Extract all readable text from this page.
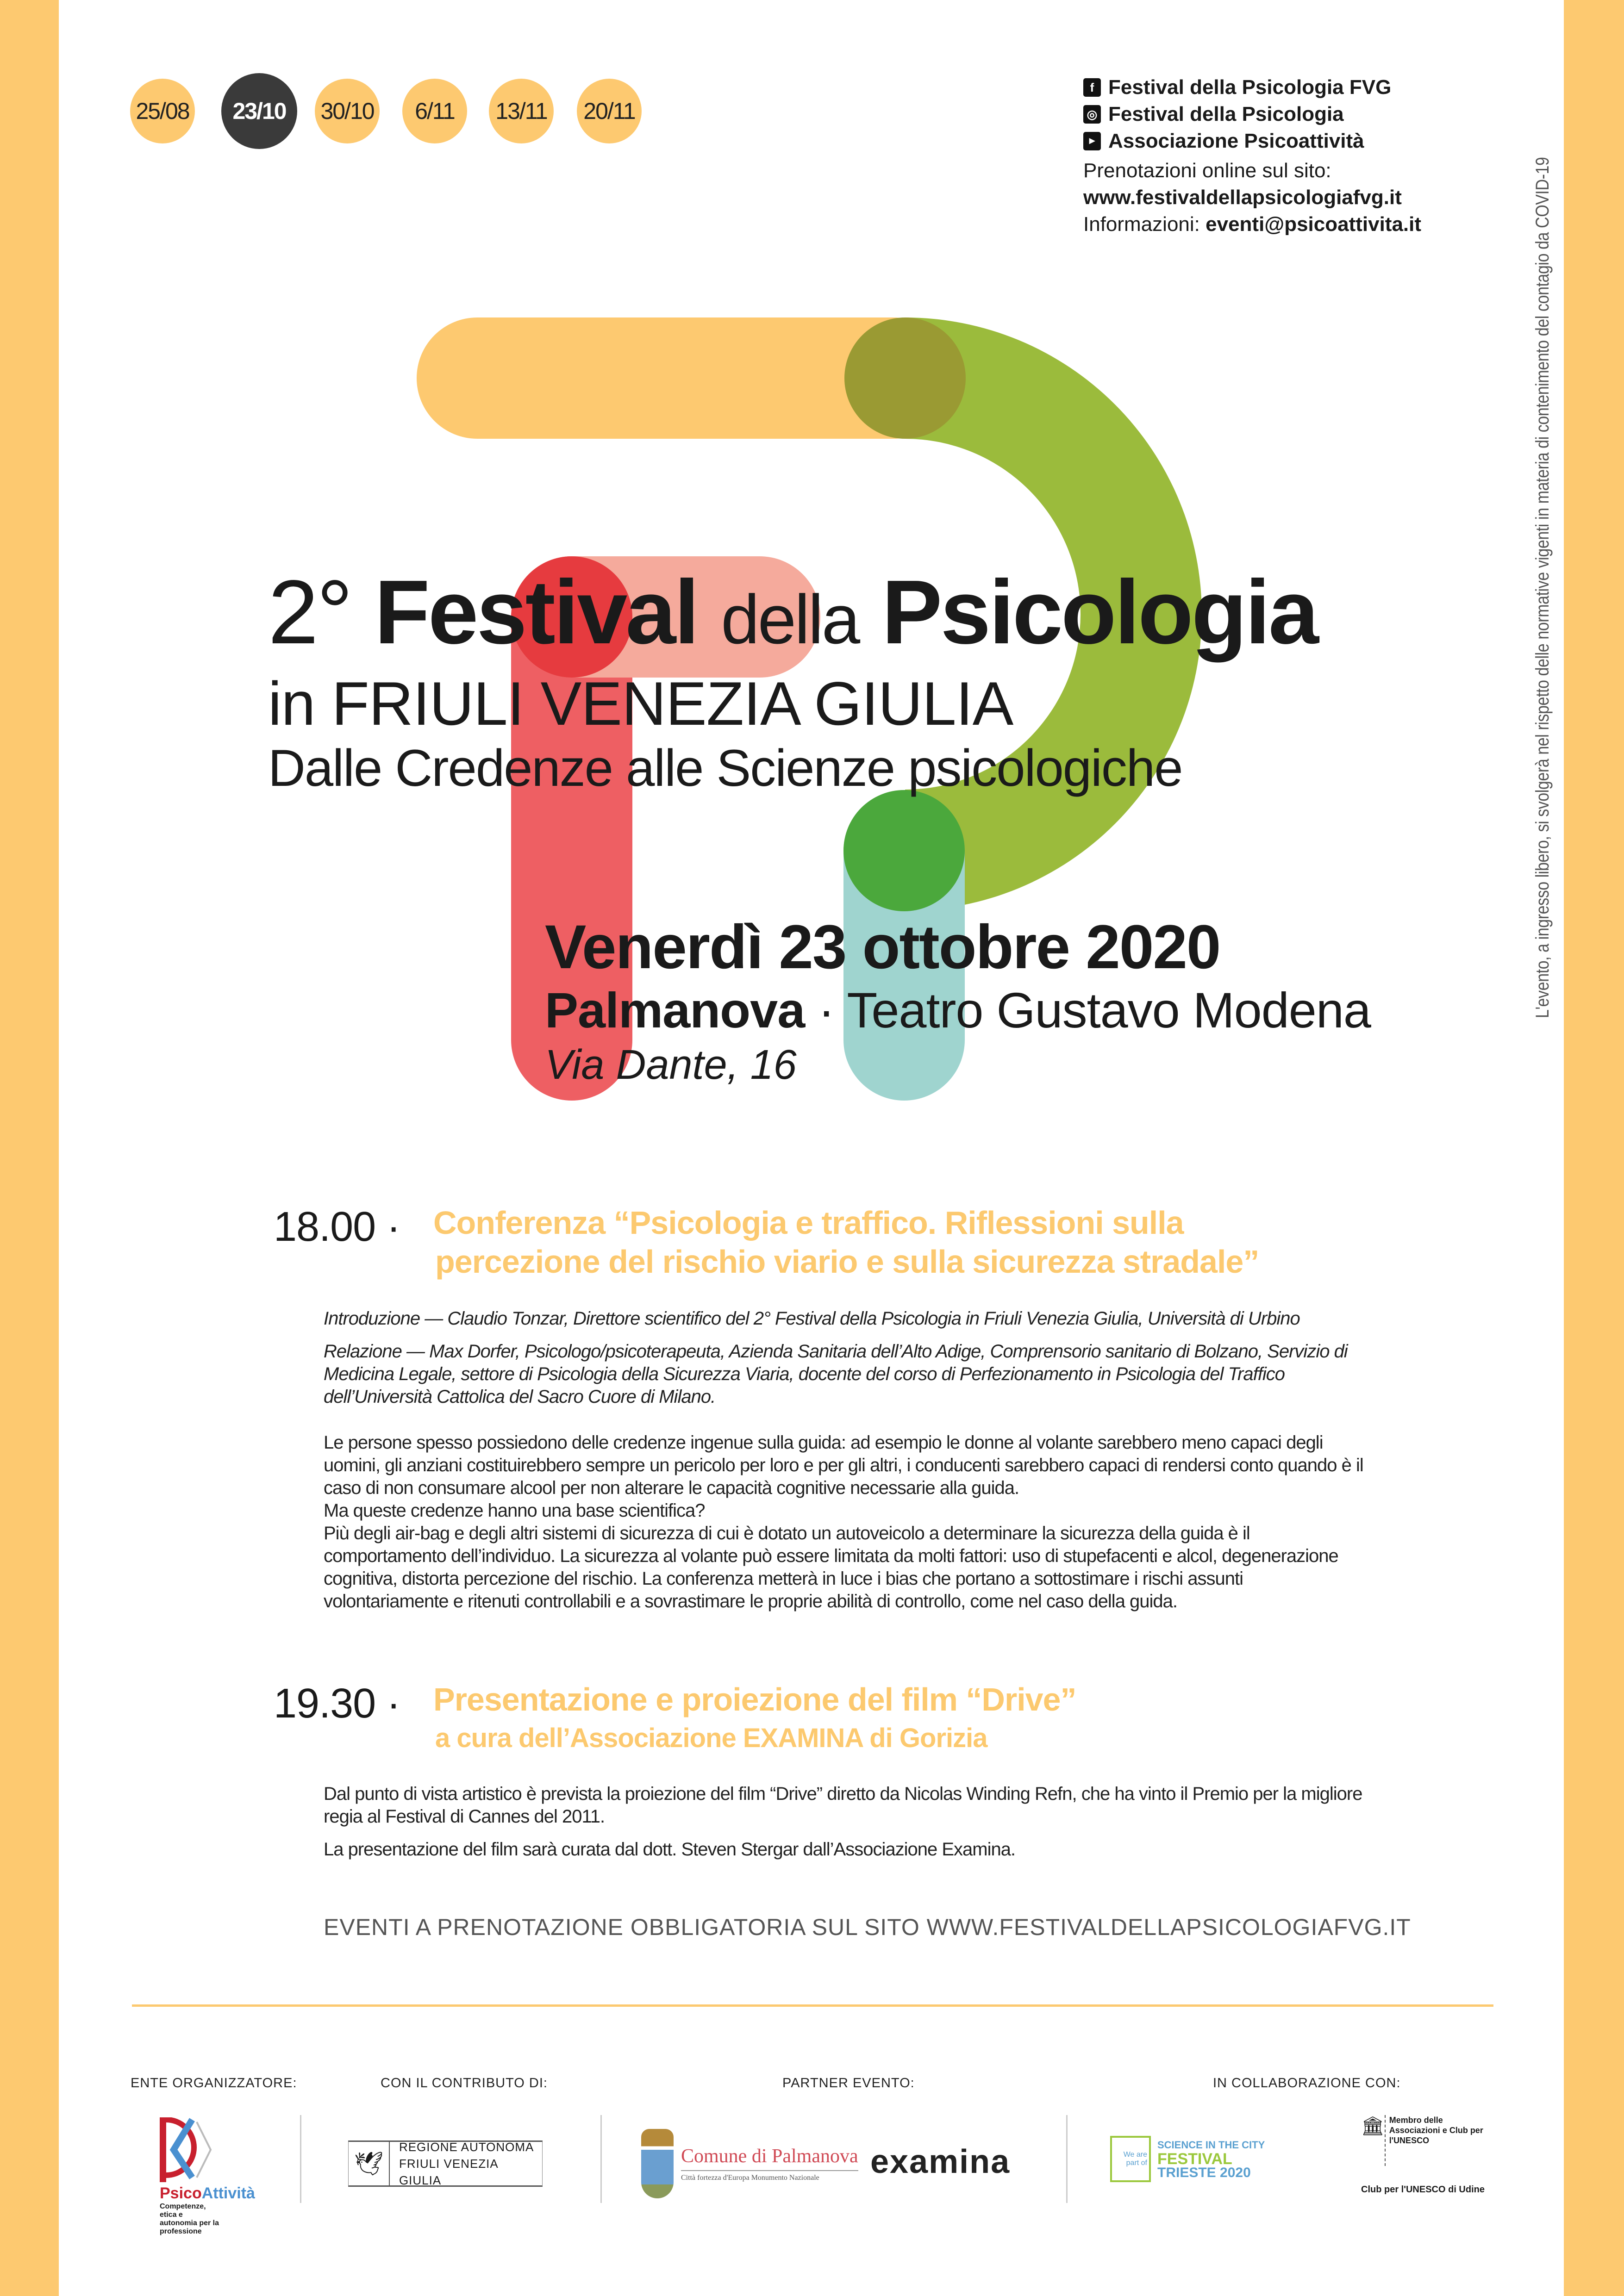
25/08	23/10	30/10	6/11	13/11 20/11
f Festival della Psicologia FVG
◎ Festival della Psicologia
▶ Associazione Psicoattività
Prenotazioni online sul sito:
www.festivaldellapsicologiafvg.it
Informazioni: eventi@psicoattivita.it	L'evento, a ingresso libero, si svolgerà nel rispetto delle normative vigenti in materia di contenimento del contagio da COVID-19
2° Festival della Psicologia
in FRIULI VENEZIA GIULIA
Dalle Credenze alle Scienze psicologiche
Venerdì 23 ottobre 2020
Palmanova · Teatro Gustavo Modena
Via Dante, 16
18.00 · Conferenza “Psicologia e traffico. Riflessioni sulla
percezione del rischio viario e sulla sicurezza stradale”

Introduzione — Claudio Tonzar, Direttore scientifico del 2° Festival della Psicologia in Friuli Venezia Giulia, Università di Urbino

Relazione — Max Dorfer, Psicologo/psicoterapeuta, Azienda Sanitaria dell’Alto Adige, Comprensorio sanitario di Bolzano, Servizio di Medicina Legale, settore di Psicologia della Sicurezza Viaria, docente del corso di Perfezionamento in Psicologia del Traffico dell’Università Cattolica del Sacro Cuore di Milano.

Le persone spesso possiedono delle credenze ingenue sulla guida: ad esempio le donne al volante sarebbero meno capaci degli uomini, gli anziani costituirebbero sempre un pericolo per loro e per gli altri, i conducenti sarebbero capaci di rendersi conto quando è il caso di non consumare alcool per non alterare le capacità cognitive necessarie alla guida.
Ma queste credenze hanno una base scientifica?
Più degli air-bag e degli altri sistemi di sicurezza di cui è dotato un autoveicolo a determinare la sicurezza della guida è il comportamento dell’individuo. La sicurezza al volante può essere limitata da molti fattori: uso di stupefacenti e alcol, degenerazione cognitiva, distorta percezione del rischio. La conferenza metterà in luce i bias che portano a sottostimare i rischi assunti volontariamente e ritenuti controllabili e a sovrastimare le proprie abilità di controllo, come nel caso della guida.
19.30 · Presentazione e proiezione del film “Drive”
a cura dell’Associazione EXAMINA di Gorizia

Dal punto di vista artistico è prevista la proiezione del film “Drive” diretto da Nicolas Winding Refn, che ha vinto il Premio per la migliore regia al Festival di Cannes del 2011.

La presentazione del film sarà curata dal dott. Steven Stergar dall’Associazione Examina.

EVENTI A PRENOTAZIONE OBBLIGATORIA SUL SITO WWW.FESTIVALDELLAPSICOLOGIAFVG.IT
ENTE ORGANIZZATORE:	CON IL CONTRIBUTO DI:	PARTNER EVENTO:	IN COLLABORAZIONE CON:
PsicoAttività
Competenze, etica e autonomia per la professione
🕊
REGIONE AUTONOMA
FRIULI VENEZIA GIULIA
Comune di Palmanova
Città fortezza d'Europa Monumento Nazionale	examina	We are part of
SCIENCE IN THE CITY
FESTIVAL
TRIESTE 2020
🏛 Membro delle Associazioni e Club per l'UNESCO
Club per l'UNESCO di Udine
